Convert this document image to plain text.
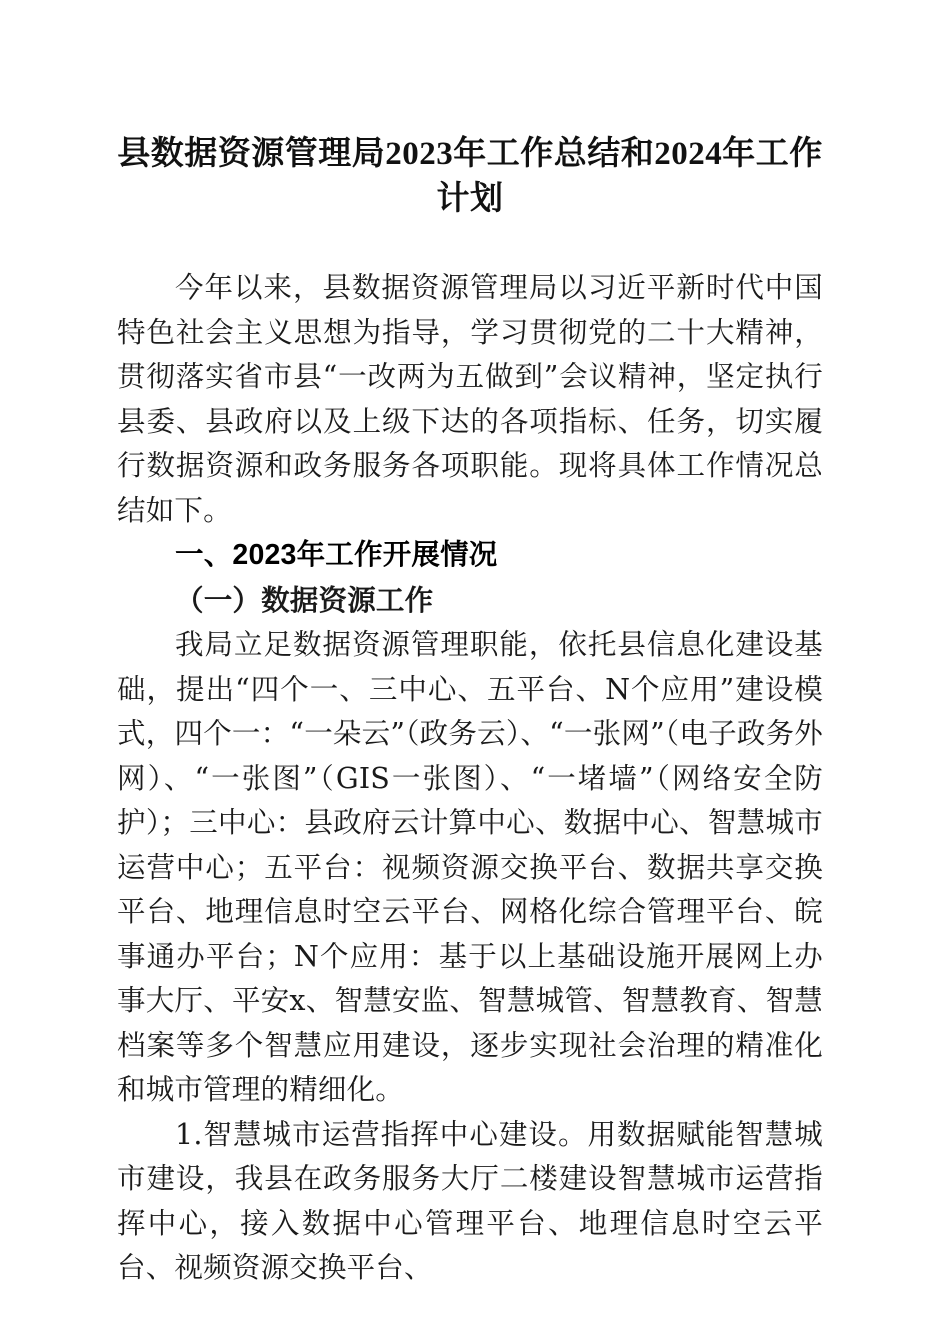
县数据资源管理局2023年工作总结和2024年工作计划

今年以来，县数据资源管理局以习近平新时代中国特色社会主义思想为指导，学习贯彻党的二十大精神，贯彻落实省市县“一改两为五做到”会议精神，坚定执行县委、县政府以及上级下达的各项指标、任务，切实履行数据资源和政务服务各项职能。现将具体工作情况总结如下。

一、2023年工作开展情况
（一）数据资源工作

我局立足数据资源管理职能，依托县信息化建设基础，提出“四个一、三中心、五平台、N个应用”建设模式，四个一：“一朵云”（政务云）、“一张网”（电子政务外网）、“一张图”（GIS一张图）、“一堵墙”（网络安全防护）；三中心：县政府云计算中心、数据中心、智慧城市运营中心；五平台：视频资源交换平台、数据共享交换平台、地理信息时空云平台、网格化综合管理平台、皖事通办平台；N个应用：基于以上基础设施开展网上办事大厅、平安x、智慧安监、智慧城管、智慧教育、智慧档案等多个智慧应用建设，逐步实现社会治理的精准化和城市管理的精细化。

1.智慧城市运营指挥中心建设。用数据赋能智慧城市建设，我县在政务服务大厅二楼建设智慧城市运营指挥中心，接入数据中心管理平台、地理信息时空云平台、视频资源交换平台、
